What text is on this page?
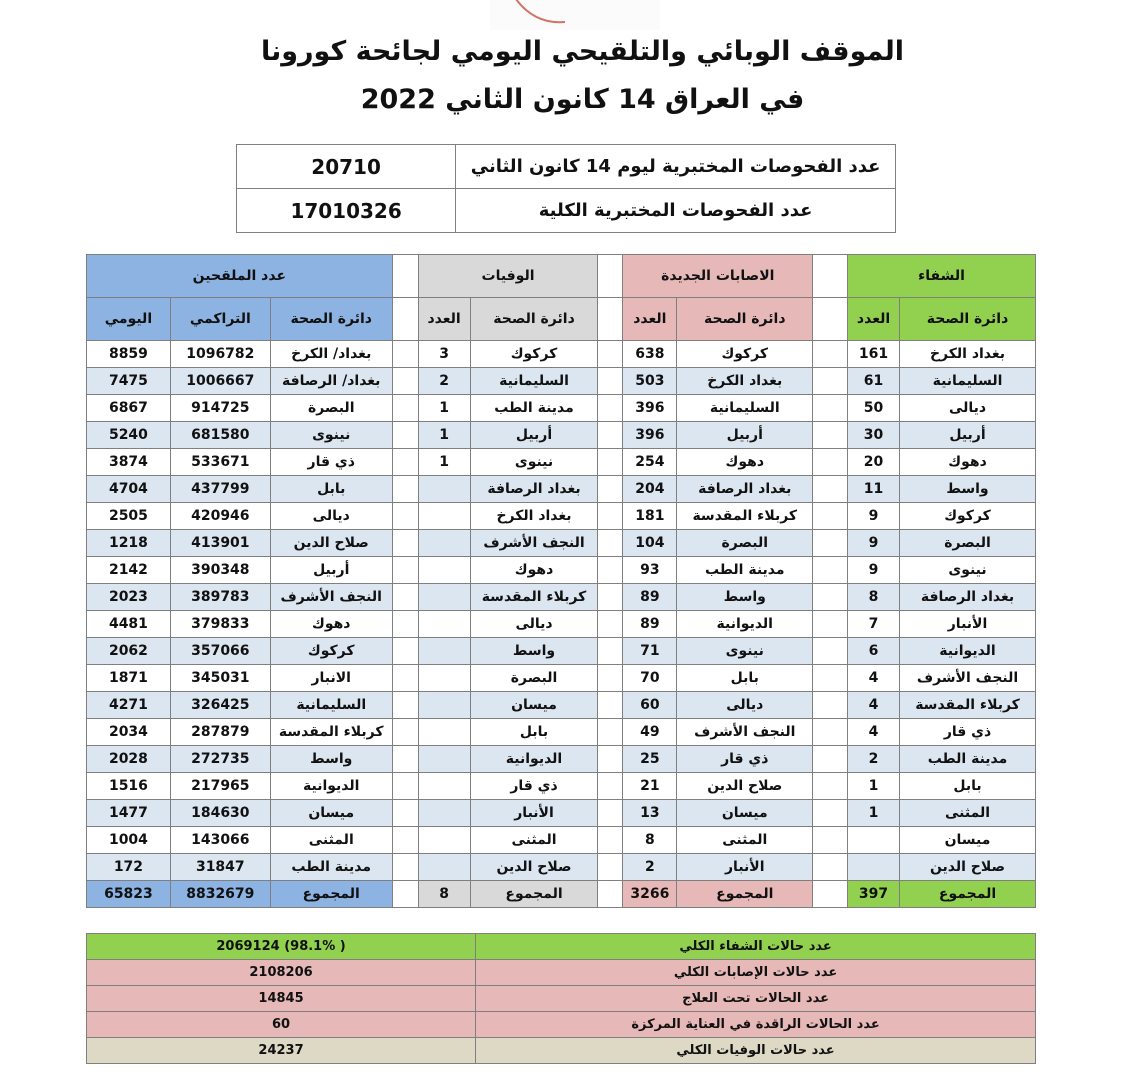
الموقف الوبائي والتلقيحي اليومي لجائحة كورونا
في العراق 14 كانون الثاني 2022
20710	عدد الفحوصات المختبرية ليوم 14 كانون الثاني
17010326	عدد الفحوصات المختبرية الكلية
عدد الملقحين				الوفيات			الاصابات الجديدة			الشفاء	
اليومي	التراكمي	دائرة الصحة		العدد	دائرة الصحة		العدد	دائرة الصحة		العدد	دائرة الصحة
8859	1096782	بغداد/ الكرخ		3	كركوك		638	كركوك		161	بغداد الكرخ
7475	1006667	بغداد/ الرصافة		2	السليمانية		503	بغداد الكرخ		61	السليمانية
6867	914725	البصرة		1	مدينة الطب		396	السليمانية		50	ديالى
5240	681580	نينوى		1	أربيل		396	أربيل		30	أربيل
3874	533671	ذي قار		1	نينوى		254	دهوك		20	دهوك
4704	437799	بابل			بغداد الرصافة		204	بغداد الرصافة		11	واسط
2505	420946	ديالى			بغداد الكرخ		181	كربلاء المقدسة		9	كركوك
1218	413901	صلاح الدين			النجف الأشرف		104	البصرة		9	البصرة
2142	390348	أربيل			دهوك		93	مدينة الطب		9	نينوى
2023	389783	النجف الأشرف			كربلاء المقدسة		89	واسط		8	بغداد الرصافة
4481	379833	دهوك			ديالى		89	الديوانية		7	الأنبار
2062	357066	كركوك			واسط		71	نينوى		6	الديوانية
1871	345031	الانبار			البصرة		70	بابل		4	النجف الأشرف
4271	326425	السليمانية			ميسان		60	ديالى		4	كربلاء المقدسة
2034	287879	كربلاء المقدسة			بابل		49	النجف الأشرف		4	ذي قار
2028	272735	واسط			الديوانية		25	ذي قار		2	مدينة الطب
1516	217965	الديوانية			ذي قار		21	صلاح الدين		1	بابل
1477	184630	ميسان			الأنبار		13	ميسان		1	المثنى
1004	143066	المثنى			المثنى		8	المثنى			ميسان
172	31847	مدينة الطب			صلاح الدين		2	الأنبار			صلاح الدين
65823	8832679	المجموع		8	المجموع		3266	المجموع		397	المجموع
2069124 (98.1% )	عدد حالات الشفاء الكلي
2108206	عدد حالات الإصابات الكلي
14845	عدد الحالات تحت العلاج
60	عدد الحالات الراقدة في العناية المركزة
24237	عدد حالات الوفيات الكلي
